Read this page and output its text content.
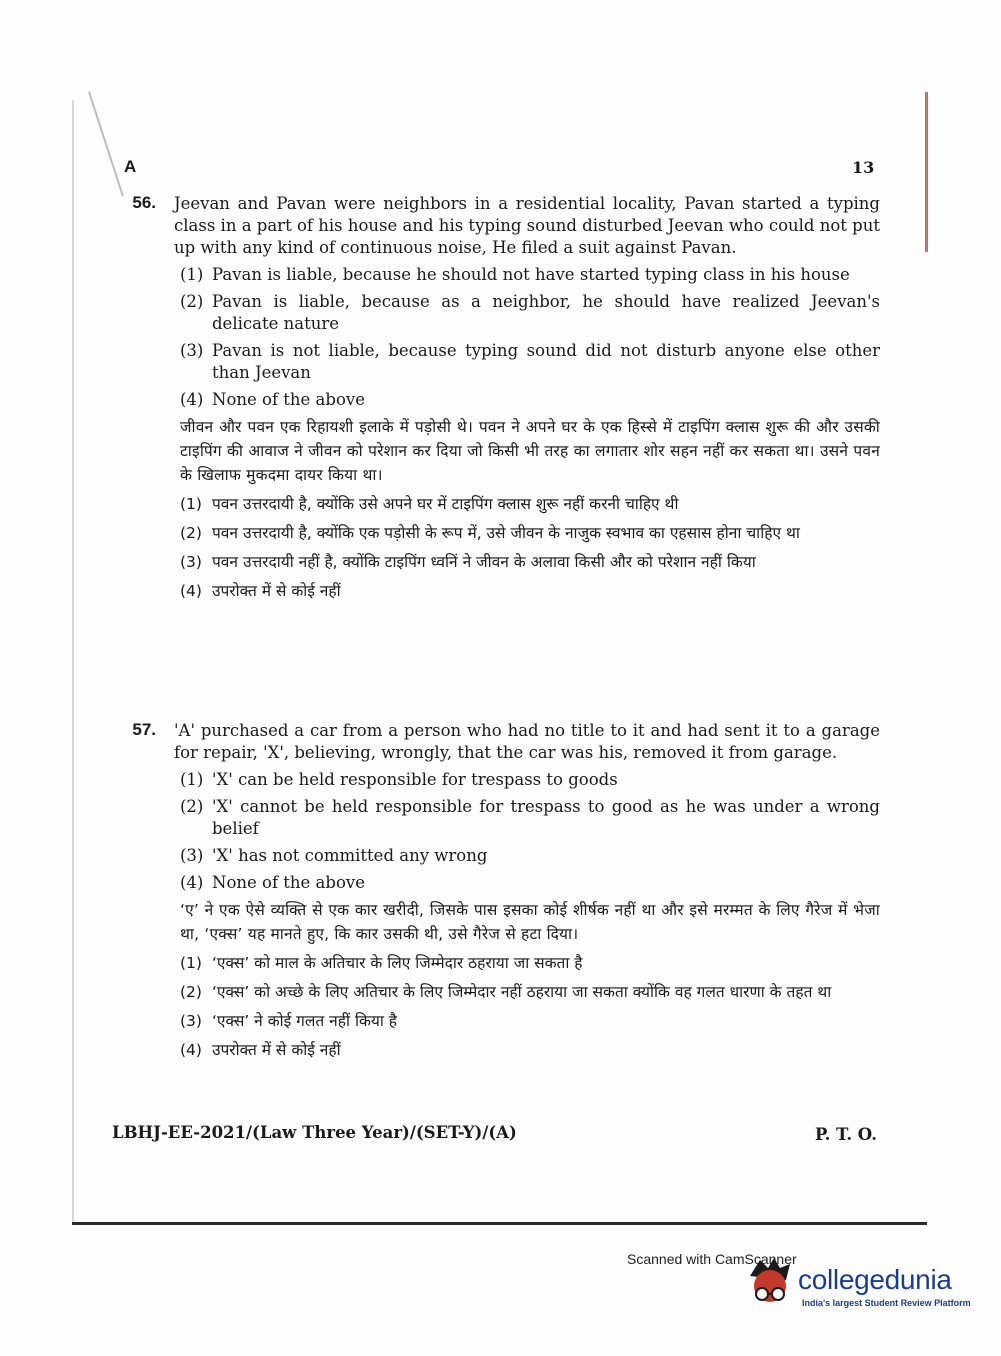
A	13
56. Jeevan and Pavan were neighbors in a residential locality, Pavan started a typing class in a part of his house and his typing sound disturbed Jeevan who could not put up with any kind of continuous noise, He filed a suit against Pavan.
(1) Pavan is liable, because he should not have started typing class in his house
(2) Pavan is liable, because as a neighbor, he should have realized Jeevan's delicate nature
(3) Pavan is not liable, because typing sound did not disturb anyone else other than Jeevan
(4) None of the above
जीवन और पवन एक रिहायशी इलाके में पड़ोसी थे। पवन ने अपने घर के एक हिस्से में टाइपिंग क्लास शुरू की और उसकी टाइपिंग की आवाज ने जीवन को परेशान कर दिया जो किसी भी तरह का लगातार शोर सहन नहीं कर सकता था। उसने पवन के खिलाफ मुकदमा दायर किया था।
(1) पवन उत्तरदायी है, क्योंकि उसे अपने घर में टाइपिंग क्लास शुरू नहीं करनी चाहिए थी
(2) पवन उत्तरदायी है, क्योंकि एक पड़ोसी के रूप में, उसे जीवन के नाजुक स्वभाव का एहसास होना चाहिए था
(3) पवन उत्तरदायी नहीं है, क्योंकि टाइपिंग ध्वनिं ने जीवन के अलावा किसी और को परेशान नहीं किया
(4) उपरोक्त में से कोई नहीं
57. 'A' purchased a car from a person who had no title to it and had sent it to a garage for repair, 'X', believing, wrongly, that the car was his, removed it from garage.
(1) 'X' can be held responsible for trespass to goods
(2) 'X' cannot be held responsible for trespass to good as he was under a wrong belief
(3) 'X' has not committed any wrong
(4) None of the above
‘ए’ ने एक ऐसे व्यक्ति से एक कार खरीदी, जिसके पास इसका कोई शीर्षक नहीं था और इसे मरम्मत के लिए गैरेज में भेजा था, ‘एक्स’ यह मानते हुए, कि कार उसकी थी, उसे गैरेज से हटा दिया।
(1) ‘एक्स’ को माल के अतिचार के लिए जिम्मेदार ठहराया जा सकता है
(2) ‘एक्स’ को अच्छे के लिए अतिचार के लिए जिम्मेदार नहीं ठहराया जा सकता क्योंकि वह गलत धारणा के तहत था
(3) ‘एक्स’ ने कोई गलत नहीं किया है
(4) उपरोक्त में से कोई नहीं
LBHJ-EE-2021/(Law Three Year)/(SET-Y)/(A)	P. T. O.
Scanned with CamScanner
collegedunia
India's largest Student Review Platform
